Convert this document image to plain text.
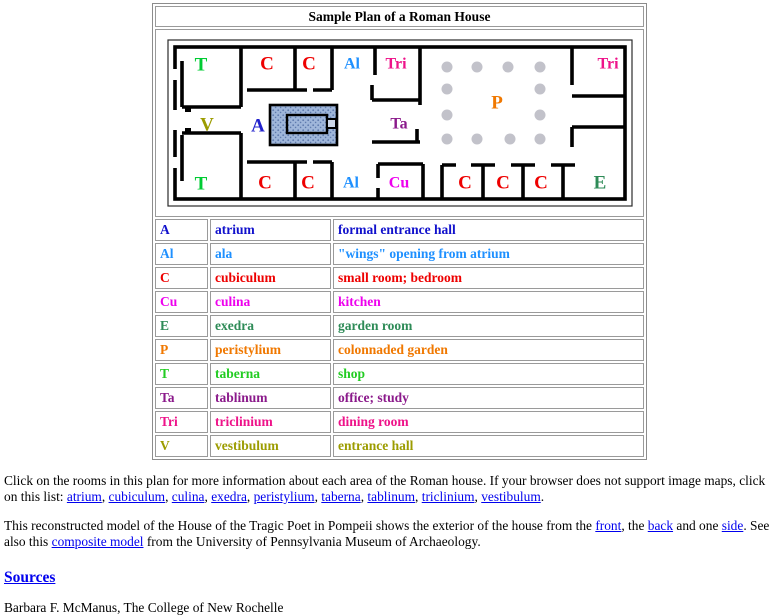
Sample Plan of a Roman House		

T	C C Al Tri	Tri
V A	Ta
P
T	C C Al Cu	C C C E

A	atrium	formal entrance hall
Al	ala	"wings" opening from atrium
C	cubiculum	small room; bedroom
Cu	culina	kitchen
E	exedra	garden room
P	peristylium	colonnaded garden
T	taberna	shop
Ta	tablinum	office; study
Tri	triclinium	dining room
V	vestibulum	entrance hall

Click on the rooms in this plan for more information about each area of the Roman house. If your browser does not support image maps, click on this list: atrium, cubiculum, culina, exedra, peristylium, taberna, tablinum, triclinium, vestibulum.

This reconstructed model of the House of the Tragic Poet in Pompeii shows the exterior of the house from the front, the back and one side. See also this composite model from the University of Pennsylvania Museum of Archaeology.

Sources

Barbara F. McManus, The College of New Rochelle
